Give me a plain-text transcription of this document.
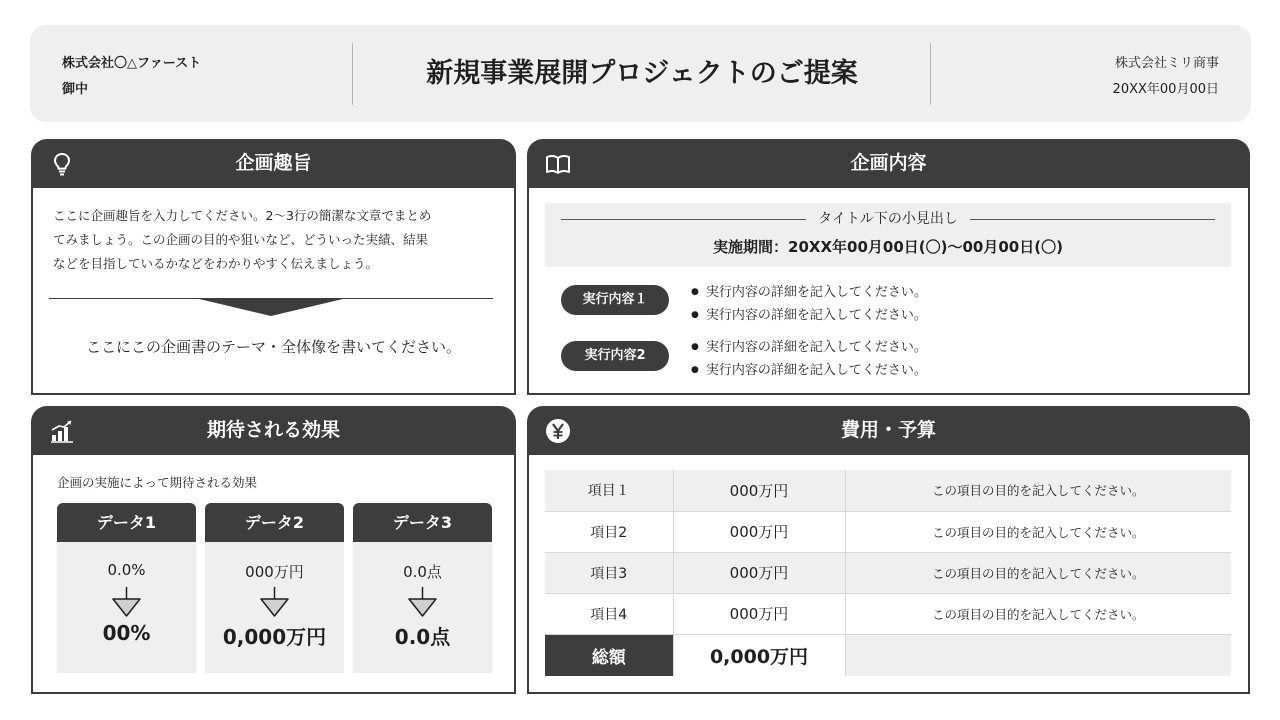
株式会社〇△ファースト
御中
新規事業展開プロジェクトのご提案	株式会社ミリ商事
20XX年00月00日
企画趣旨
ここに企画趣旨を入力してください。2〜3行の簡潔な文章でまとめ
てみましょう。この企画の目的や狙いなど、どういった実績、結果
などを目指しているかなどをわかりやすく伝えましょう。
ここにこの企画書のテーマ・全体像を書いてください。
企画内容
タイトル下の小見出し
実施期間：20XX年00月00日(〇)〜00月00日(〇)
実行内容１	● 実行内容の詳細を記入してください。
● 実行内容の詳細を記入してください。
実行内容2
● 実行内容の詳細を記入してください。
● 実行内容の詳細を記入してください。
期待される効果
企画の実施によって期待される効果
データ1
0.0%
00%
データ2
000万円
0,000万円
データ3
0.0点
0.0点
費用・予算
項目１	000万円	この項目の目的を記入してください。
項目2	000万円	この項目の目的を記入してください。
項目3	000万円	この項目の目的を記入してください。
項目4	000万円	この項目の目的を記入してください。
総額	0,000万円	
